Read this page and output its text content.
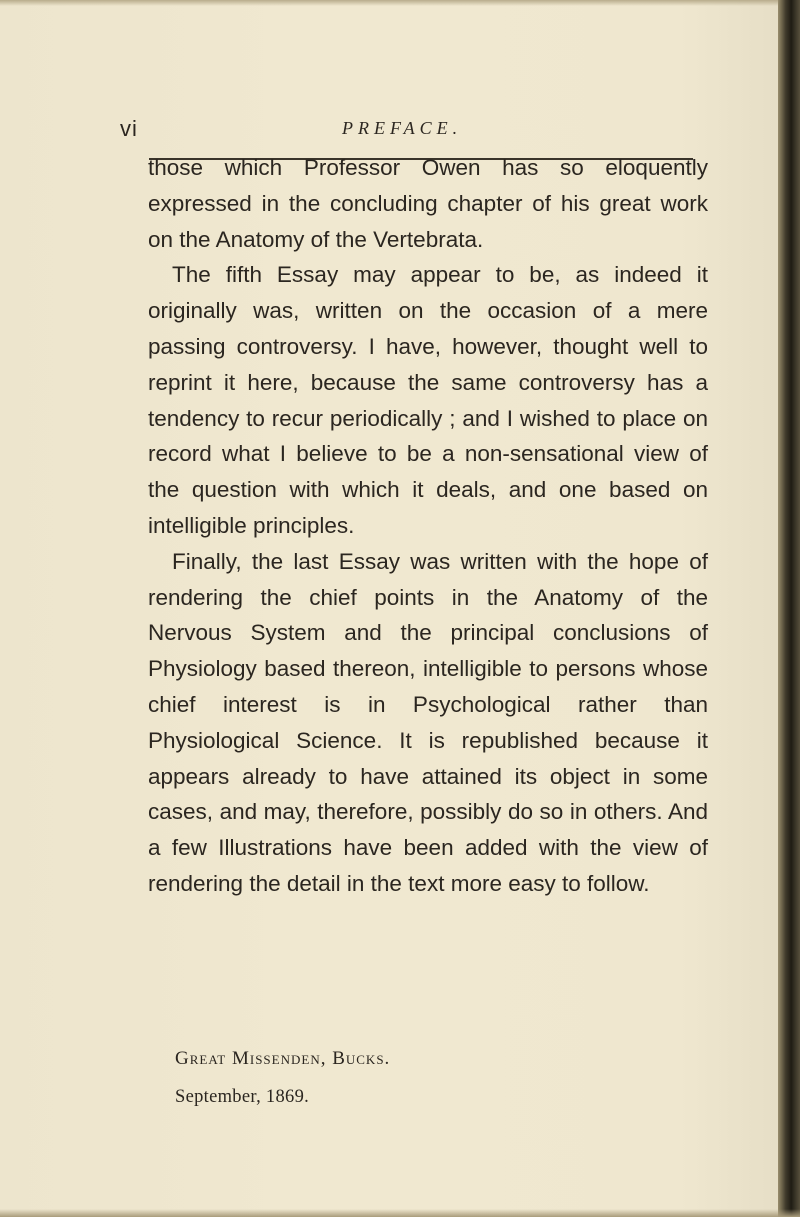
vi	PREFACE.

those which Professor Owen has so eloquently expressed in the concluding chapter of his great work on the Anatomy of the Vertebrata.

The fifth Essay may appear to be, as indeed it originally was, written on the occasion of a mere passing controversy. I have, however, thought well to reprint it here, because the same controversy has a tendency to recur periodically ; and I wished to place on record what I believe to be a non-sensational view of the question with which it deals, and one based on intelligible principles.

Finally, the last Essay was written with the hope of rendering the chief points in the Anatomy of the Nervous System and the principal conclusions of Physiology based thereon, intelligible to persons whose chief interest is in Psychological rather than Physiological Science. It is republished because it appears already to have attained its object in some cases, and may, therefore, possibly do so in others. And a few Illustrations have been added with the view of rendering the detail in the text more easy to follow.

Great Missenden, Bucks.
September, 1869.
